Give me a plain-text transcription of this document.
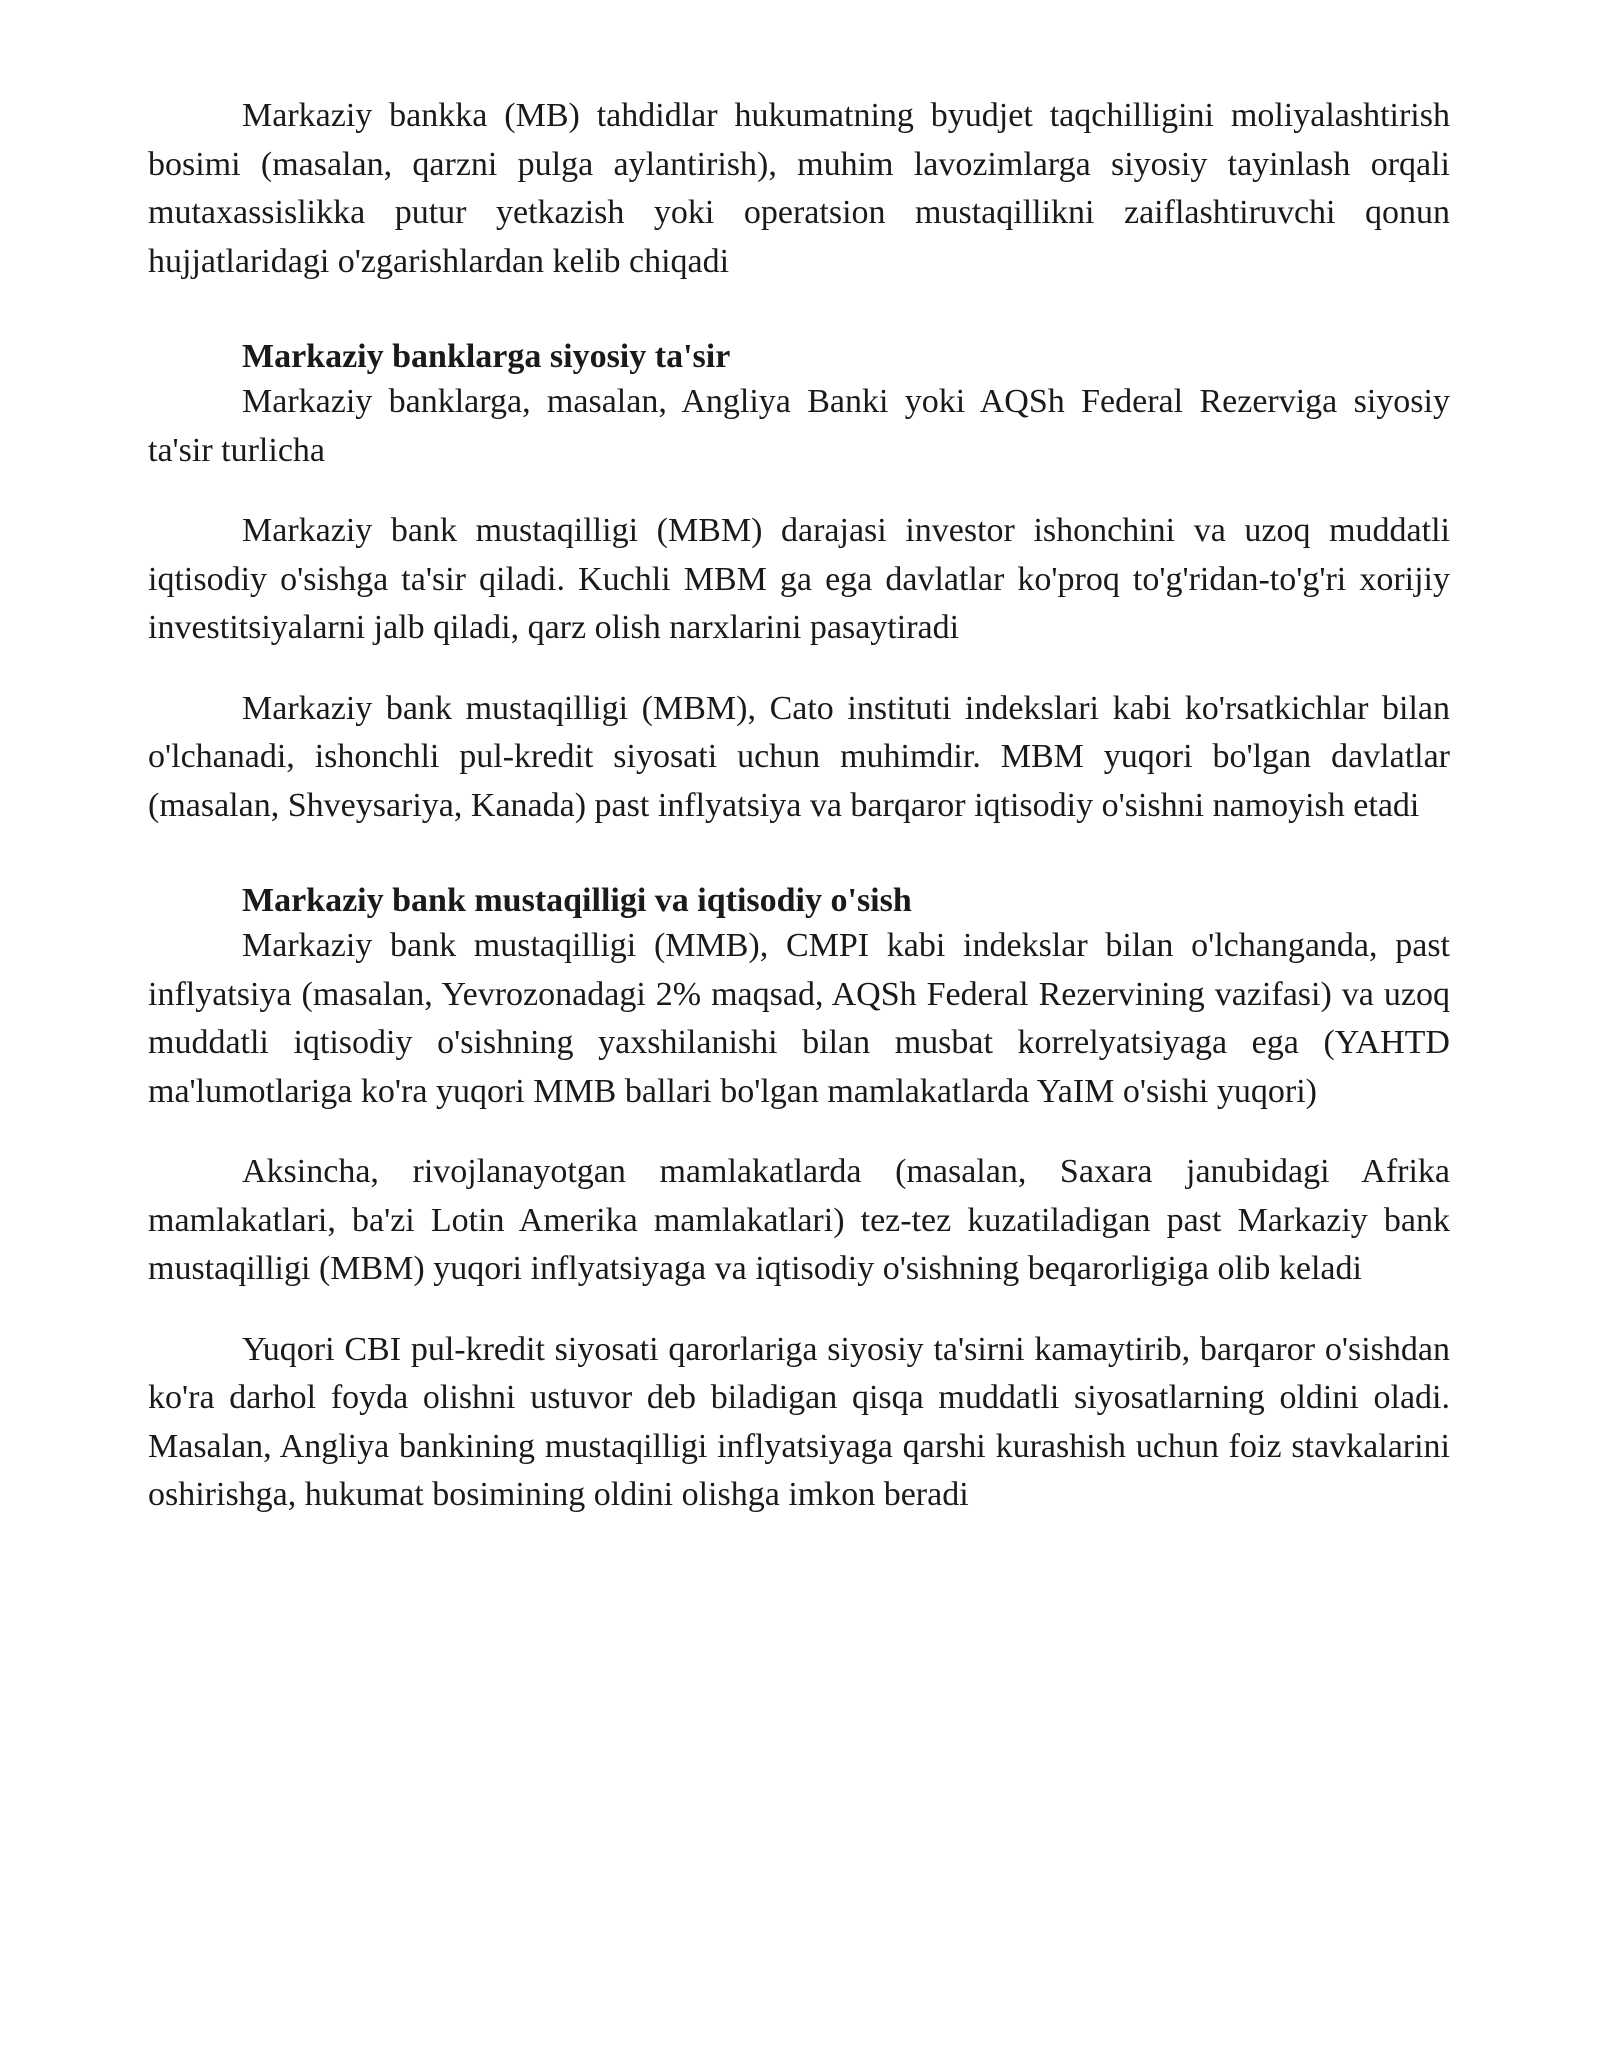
Markaziy bankka (MB) tahdidlar hukumatning byudjet taqchilligini moliyalashtirish bosimi (masalan, qarzni pulga aylantirish), muhim lavozimlarga siyosiy tayinlash orqali mutaxassislikka putur yetkazish yoki operatsion mustaqillikni zaiflashtiruvchi qonun hujjatlaridagi o'zgarishlardan kelib chiqadi

Markaziy banklarga siyosiy ta'sir

Markaziy banklarga, masalan, Angliya Banki yoki AQSh Federal Rezerviga siyosiy ta'sir turlicha

Markaziy bank mustaqilligi (MBM) darajasi investor ishonchini va uzoq muddatli iqtisodiy o'sishga ta'sir qiladi. Kuchli MBM ga ega davlatlar ko'proq to'g'ridan-to'g'ri xorijiy investitsiyalarni jalb qiladi, qarz olish narxlarini pasaytiradi

Markaziy bank mustaqilligi (MBM), Cato instituti indekslari kabi ko'rsatkichlar bilan o'lchanadi, ishonchli pul-kredit siyosati uchun muhimdir. MBM yuqori bo'lgan davlatlar (masalan, Shveysariya, Kanada) past inflyatsiya va barqaror iqtisodiy o'sishni namoyish etadi

Markaziy bank mustaqilligi va iqtisodiy o'sish

Markaziy bank mustaqilligi (MMB), CMPI kabi indekslar bilan o'lchanganda, past inflyatsiya (masalan, Yevrozonadagi 2% maqsad, AQSh Federal Rezervining vazifasi) va uzoq muddatli iqtisodiy o'sishning yaxshilanishi bilan musbat korrelyatsiyaga ega (YAHTD ma'lumotlariga ko'ra yuqori MMB ballari bo'lgan mamlakatlarda YaIM o'sishi yuqori)

Aksincha, rivojlanayotgan mamlakatlarda (masalan, Saxara janubidagi Afrika mamlakatlari, ba'zi Lotin Amerika mamlakatlari) tez-tez kuzatiladigan past Markaziy bank mustaqilligi (MBM) yuqori inflyatsiyaga va iqtisodiy o'sishning beqarorligiga olib keladi

Yuqori CBI pul-kredit siyosati qarorlariga siyosiy ta'sirni kamaytirib, barqaror o'sishdan ko'ra darhol foyda olishni ustuvor deb biladigan qisqa muddatli siyosatlarning oldini oladi. Masalan, Angliya bankining mustaqilligi inflyatsiyaga qarshi kurashish uchun foiz stavkalarini oshirishga, hukumat bosimining oldini olishga imkon beradi
